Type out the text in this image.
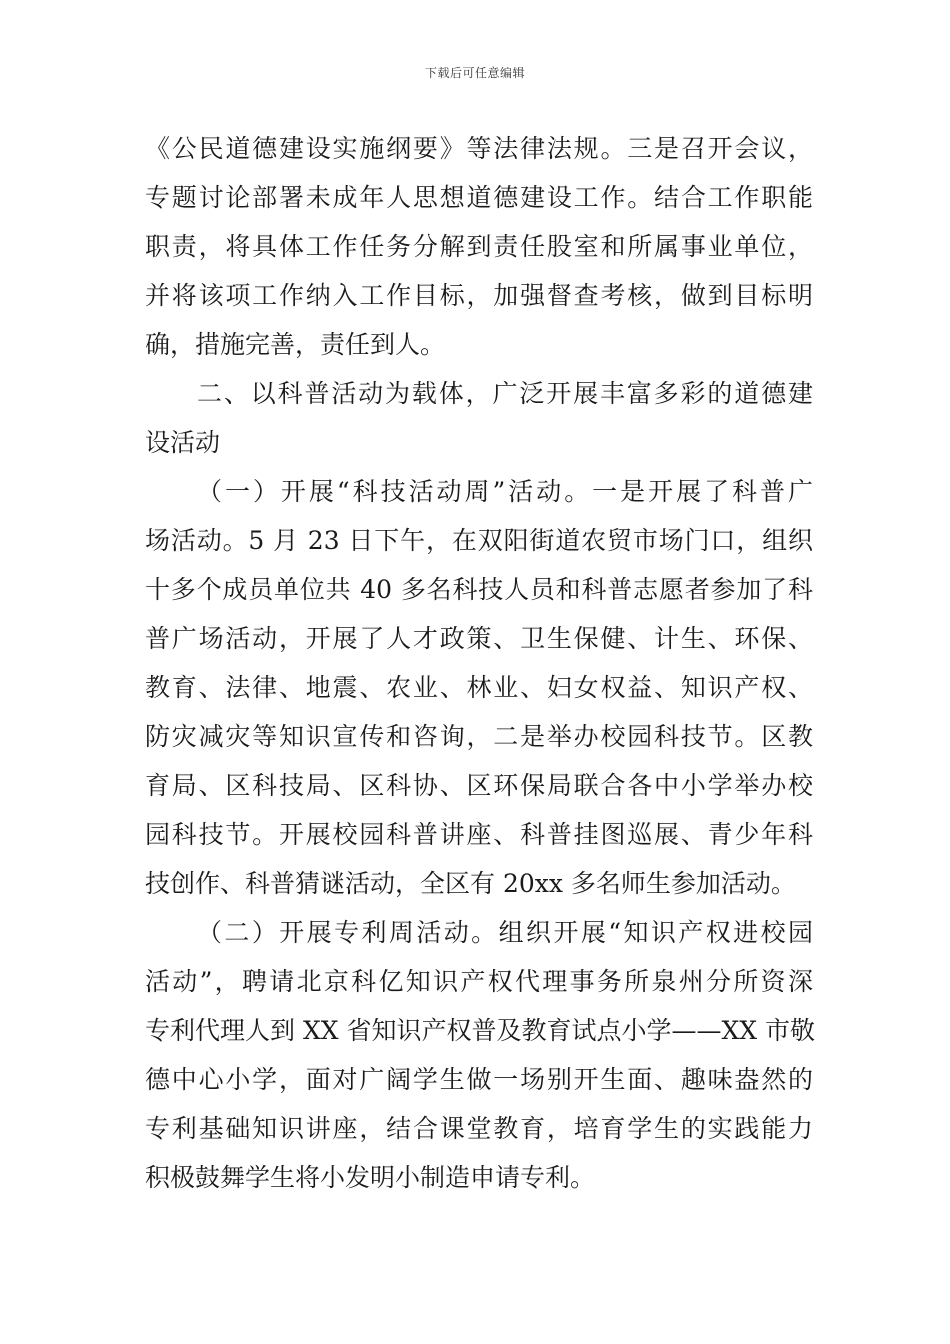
下载后可任意编辑
《公民道德建设实施纲要》等法律法规。三是召开会议，
专题讨论部署未成年人思想道德建设工作。结合工作职能
职责，将具体工作任务分解到责任股室和所属事业单位，
并将该项工作纳入工作目标，加强督查考核，做到目标明
确，措施完善，责任到人。
二、以科普活动为载体，广泛开展丰富多彩的道德建
设活动
（一）开展“科技活动周”活动。一是开展了科普广
场活动。5 月 23 日下午，在双阳街道农贸市场门口，组织
十多个成员单位共 40 多名科技人员和科普志愿者参加了科
普广场活动，开展了人才政策、卫生保健、计生、环保、
教育、法律、地震、农业、林业、妇女权益、知识产权、
防灾减灾等知识宣传和咨询，二是举办校园科技节。区教
育局、区科技局、区科协、区环保局联合各中小学举办校
园科技节。开展校园科普讲座、科普挂图巡展、青少年科
技创作、科普猜谜活动，全区有 20xx 多名师生参加活动。
（二）开展专利周活动。组织开展“知识产权进校园
活动”，聘请北京科亿知识产权代理事务所泉州分所资深
专利代理人到 XX 省知识产权普及教育试点小学——XX 市敬
德中心小学，面对广阔学生做一场别开生面、趣味盎然的
专利基础知识讲座，结合课堂教育，培育学生的实践能力
积极鼓舞学生将小发明小制造申请专利。
